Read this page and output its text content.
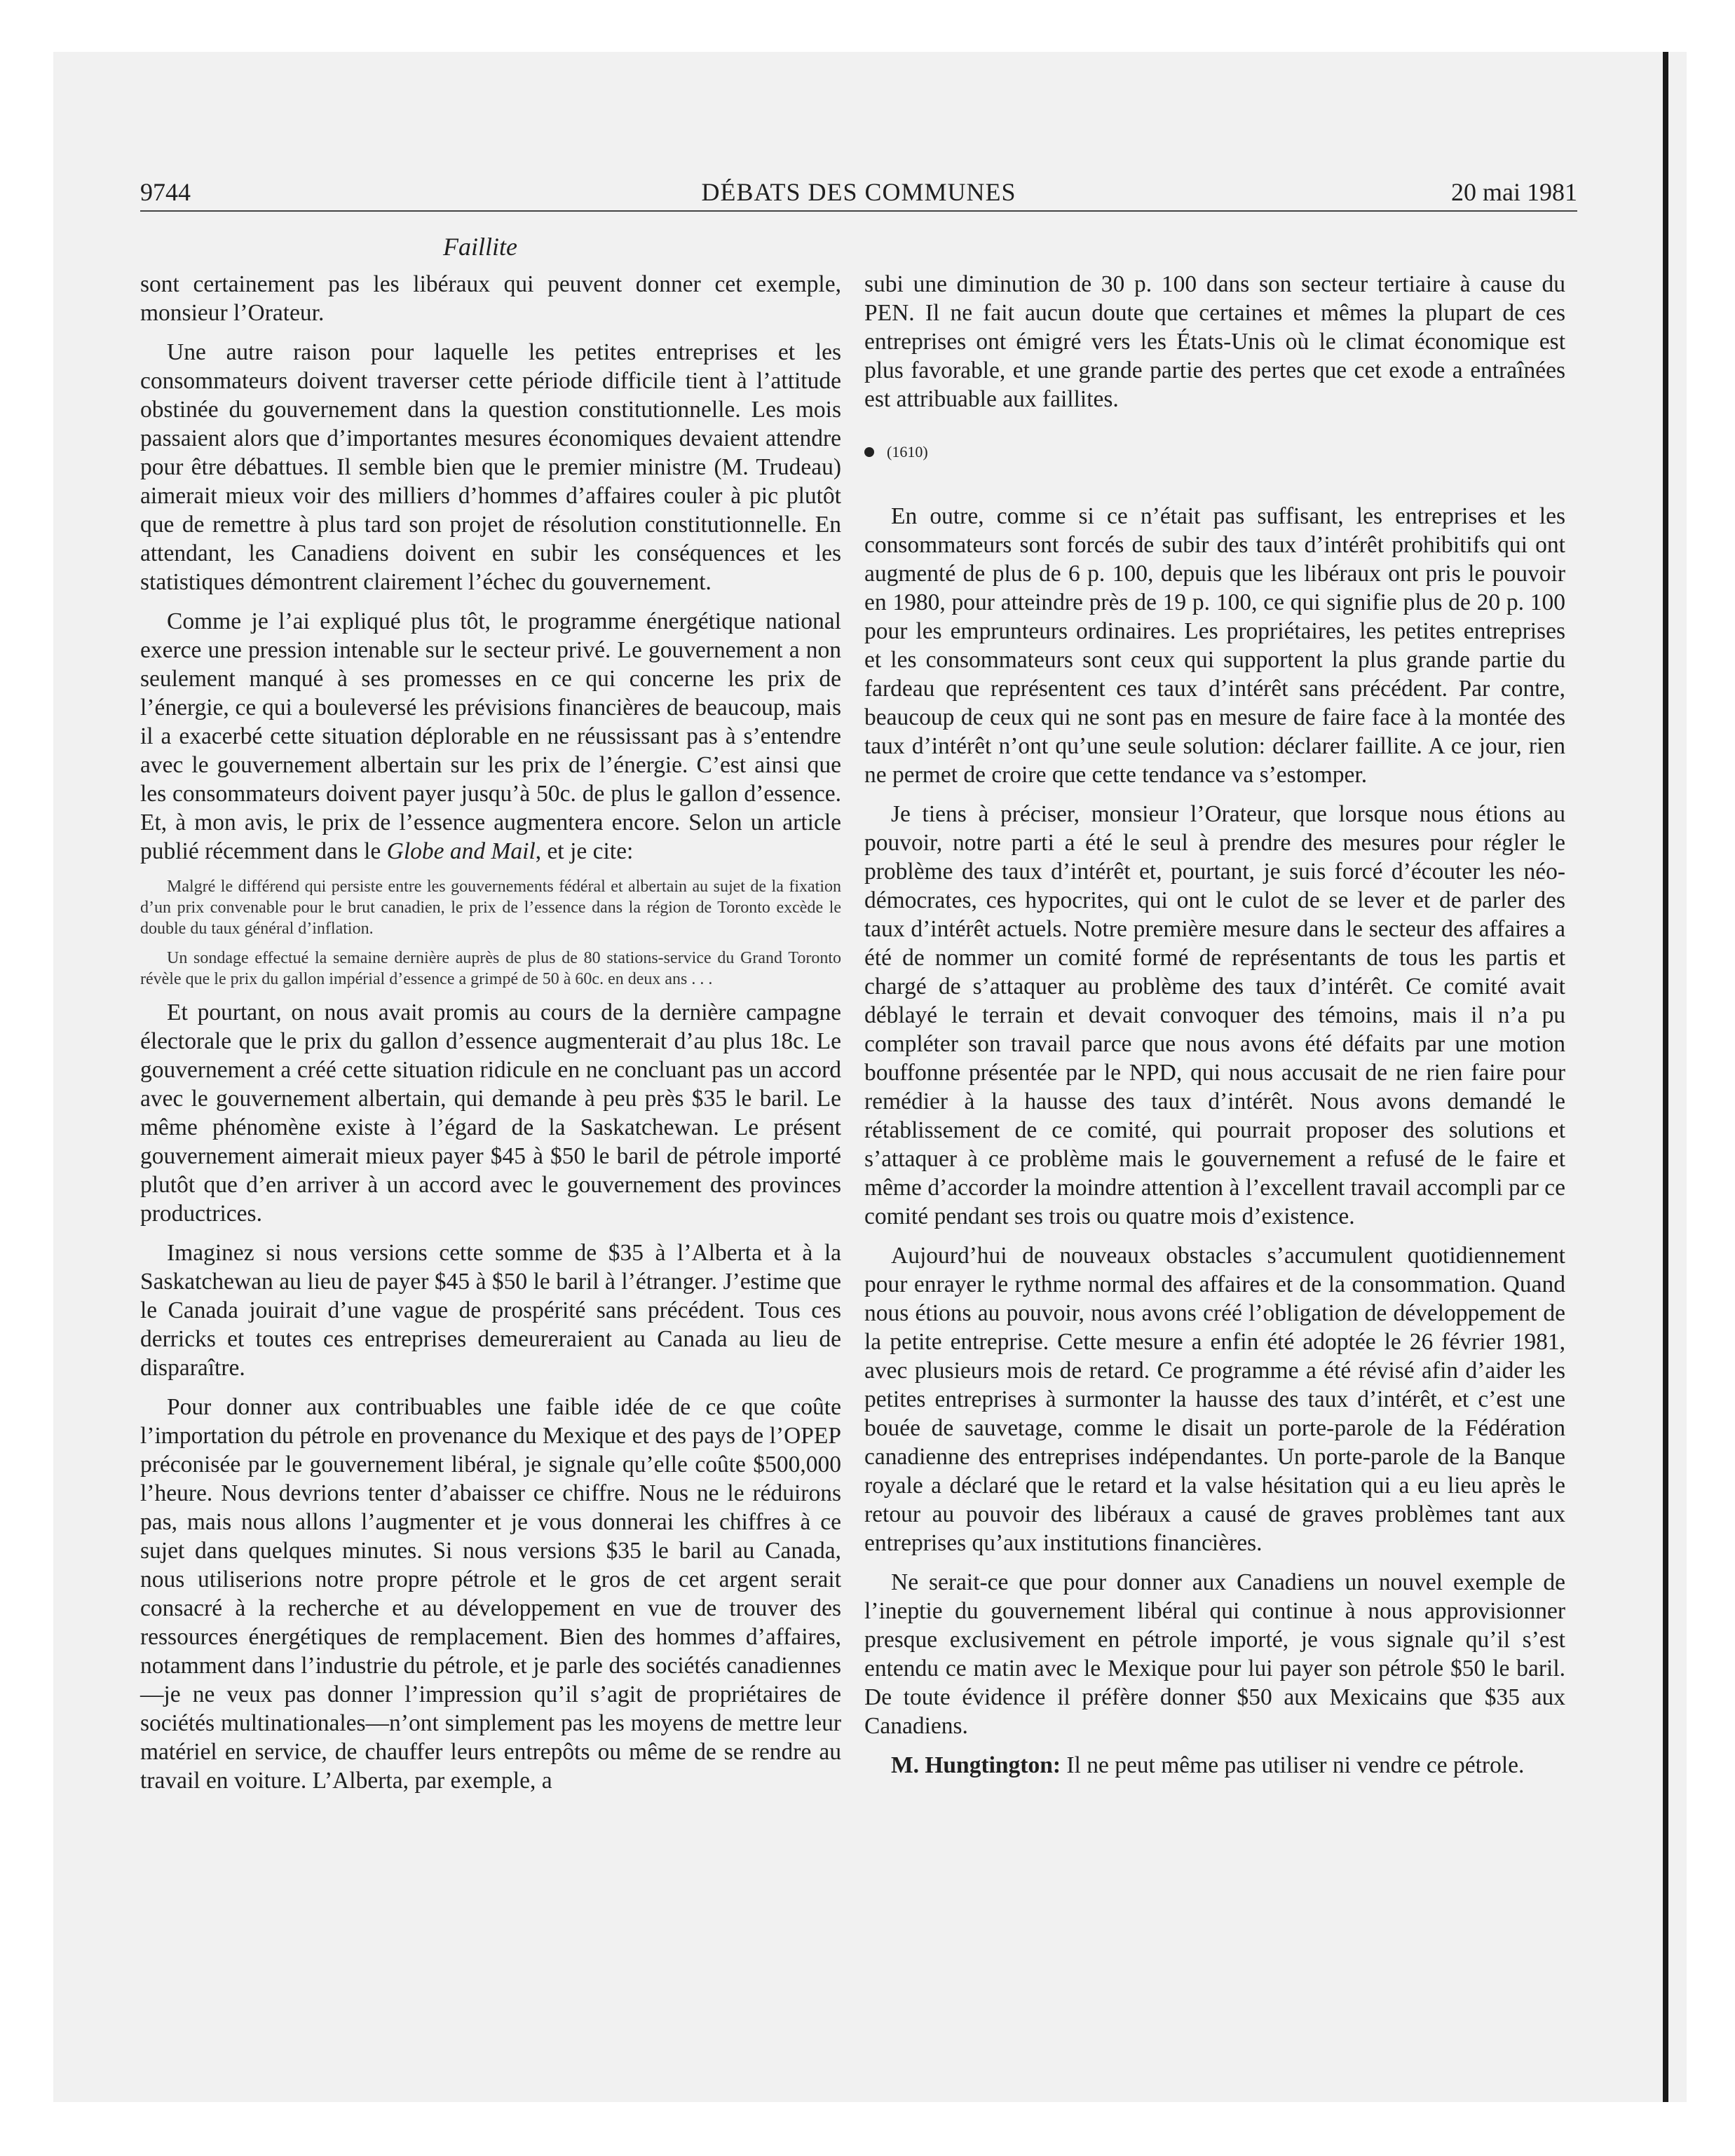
9744	DÉBATS DES COMMUNES	20 mai 1981
Faillite

sont certainement pas les libéraux qui peuvent donner cet exemple, monsieur l’Orateur.

Une autre raison pour laquelle les petites entreprises et les consommateurs doivent traverser cette période difficile tient à l’attitude obstinée du gouvernement dans la question constitutionnelle. Les mois passaient alors que d’importantes mesures économiques devaient attendre pour être débattues. Il semble bien que le premier ministre (M. Trudeau) aimerait mieux voir des milliers d’hommes d’affaires couler à pic plutôt que de remettre à plus tard son projet de résolution constitutionnelle. En attendant, les Canadiens doivent en subir les conséquences et les statistiques démontrent clairement l’échec du gouvernement.

Comme je l’ai expliqué plus tôt, le programme énergétique national exerce une pression intenable sur le secteur privé. Le gouvernement a non seulement manqué à ses promesses en ce qui concerne les prix de l’énergie, ce qui a bouleversé les prévisions financières de beaucoup, mais il a exacerbé cette situation déplorable en ne réussissant pas à s’entendre avec le gouvernement albertain sur les prix de l’énergie. C’est ainsi que les consommateurs doivent payer jusqu’à 50c. de plus le gallon d’essence. Et, à mon avis, le prix de l’essence augmentera encore. Selon un article publié récemment dans le Globe and Mail, et je cite:

Malgré le différend qui persiste entre les gouvernements fédéral et albertain au sujet de la fixation d’un prix convenable pour le brut canadien, le prix de l’essence dans la région de Toronto excède le double du taux général d’inflation.

Un sondage effectué la semaine dernière auprès de plus de 80 stations-service du Grand Toronto révèle que le prix du gallon impérial d’essence a grimpé de 50 à 60c. en deux ans . . .

Et pourtant, on nous avait promis au cours de la dernière campagne électorale que le prix du gallon d’essence augmenterait d’au plus 18c. Le gouvernement a créé cette situation ridicule en ne concluant pas un accord avec le gouvernement albertain, qui demande à peu près $35 le baril. Le même phénomène existe à l’égard de la Saskatchewan. Le présent gouvernement aimerait mieux payer $45 à $50 le baril de pétrole importé plutôt que d’en arriver à un accord avec le gouvernement des provinces productrices.

Imaginez si nous versions cette somme de $35 à l’Alberta et à la Saskatchewan au lieu de payer $45 à $50 le baril à l’étranger. J’estime que le Canada jouirait d’une vague de prospérité sans précédent. Tous ces derricks et toutes ces entreprises demeureraient au Canada au lieu de disparaître.

Pour donner aux contribuables une faible idée de ce que coûte l’importation du pétrole en provenance du Mexique et des pays de l’OPEP préconisée par le gouvernement libéral, je signale qu’elle coûte $500,000 l’heure. Nous devrions tenter d’abaisser ce chiffre. Nous ne le réduirons pas, mais nous allons l’augmenter et je vous donnerai les chiffres à ce sujet dans quelques minutes. Si nous versions $35 le baril au Canada, nous utiliserions notre propre pétrole et le gros de cet argent serait consacré à la recherche et au développement en vue de trouver des ressources énergétiques de remplacement. Bien des hommes d’affaires, notamment dans l’industrie du pétrole, et je parle des sociétés canadiennes—je ne veux pas donner l’impression qu’il s’agit de propriétaires de sociétés multinationales—n’ont simplement pas les moyens de mettre leur matériel en service, de chauffer leurs entrepôts ou même de se rendre au travail en voiture. L’Alberta, par exemple, a

subi une diminution de 30 p. 100 dans son secteur tertiaire à cause du PEN. Il ne fait aucun doute que certaines et mêmes la plupart de ces entreprises ont émigré vers les États-Unis où le climat économique est plus favorable, et une grande partie des pertes que cet exode a entraînées est attribuable aux faillites.

(1610)

En outre, comme si ce n’était pas suffisant, les entreprises et les consommateurs sont forcés de subir des taux d’intérêt prohibitifs qui ont augmenté de plus de 6 p. 100, depuis que les libéraux ont pris le pouvoir en 1980, pour atteindre près de 19 p. 100, ce qui signifie plus de 20 p. 100 pour les emprunteurs ordinaires. Les propriétaires, les petites entreprises et les consommateurs sont ceux qui supportent la plus grande partie du fardeau que représentent ces taux d’intérêt sans précédent. Par contre, beaucoup de ceux qui ne sont pas en mesure de faire face à la montée des taux d’intérêt n’ont qu’une seule solution: déclarer faillite. A ce jour, rien ne permet de croire que cette tendance va s’estomper.

Je tiens à préciser, monsieur l’Orateur, que lorsque nous étions au pouvoir, notre parti a été le seul à prendre des mesures pour régler le problème des taux d’intérêt et, pourtant, je suis forcé d’écouter les néo-démocrates, ces hypocrites, qui ont le culot de se lever et de parler des taux d’intérêt actuels. Notre première mesure dans le secteur des affaires a été de nommer un comité formé de représentants de tous les partis et chargé de s’attaquer au problème des taux d’intérêt. Ce comité avait déblayé le terrain et devait convoquer des témoins, mais il n’a pu compléter son travail parce que nous avons été défaits par une motion bouffonne présentée par le NPD, qui nous accusait de ne rien faire pour remédier à la hausse des taux d’intérêt. Nous avons demandé le rétablissement de ce comité, qui pourrait proposer des solutions et s’attaquer à ce problème mais le gouvernement a refusé de le faire et même d’accorder la moindre attention à l’excellent travail accompli par ce comité pendant ses trois ou quatre mois d’existence.

Aujourd’hui de nouveaux obstacles s’accumulent quotidiennement pour enrayer le rythme normal des affaires et de la consommation. Quand nous étions au pouvoir, nous avons créé l’obligation de développement de la petite entreprise. Cette mesure a enfin été adoptée le 26 février 1981, avec plusieurs mois de retard. Ce programme a été révisé afin d’aider les petites entreprises à surmonter la hausse des taux d’intérêt, et c’est une bouée de sauvetage, comme le disait un porte-parole de la Fédération canadienne des entreprises indépendantes. Un porte-parole de la Banque royale a déclaré que le retard et la valse hésitation qui a eu lieu après le retour au pouvoir des libéraux a causé de graves problèmes tant aux entreprises qu’aux institutions financières.

Ne serait-ce que pour donner aux Canadiens un nouvel exemple de l’ineptie du gouvernement libéral qui continue à nous approvisionner presque exclusivement en pétrole importé, je vous signale qu’il s’est entendu ce matin avec le Mexique pour lui payer son pétrole $50 le baril. De toute évidence il préfère donner $50 aux Mexicains que $35 aux Canadiens.

M. Hungtington: Il ne peut même pas utiliser ni vendre ce pétrole.
